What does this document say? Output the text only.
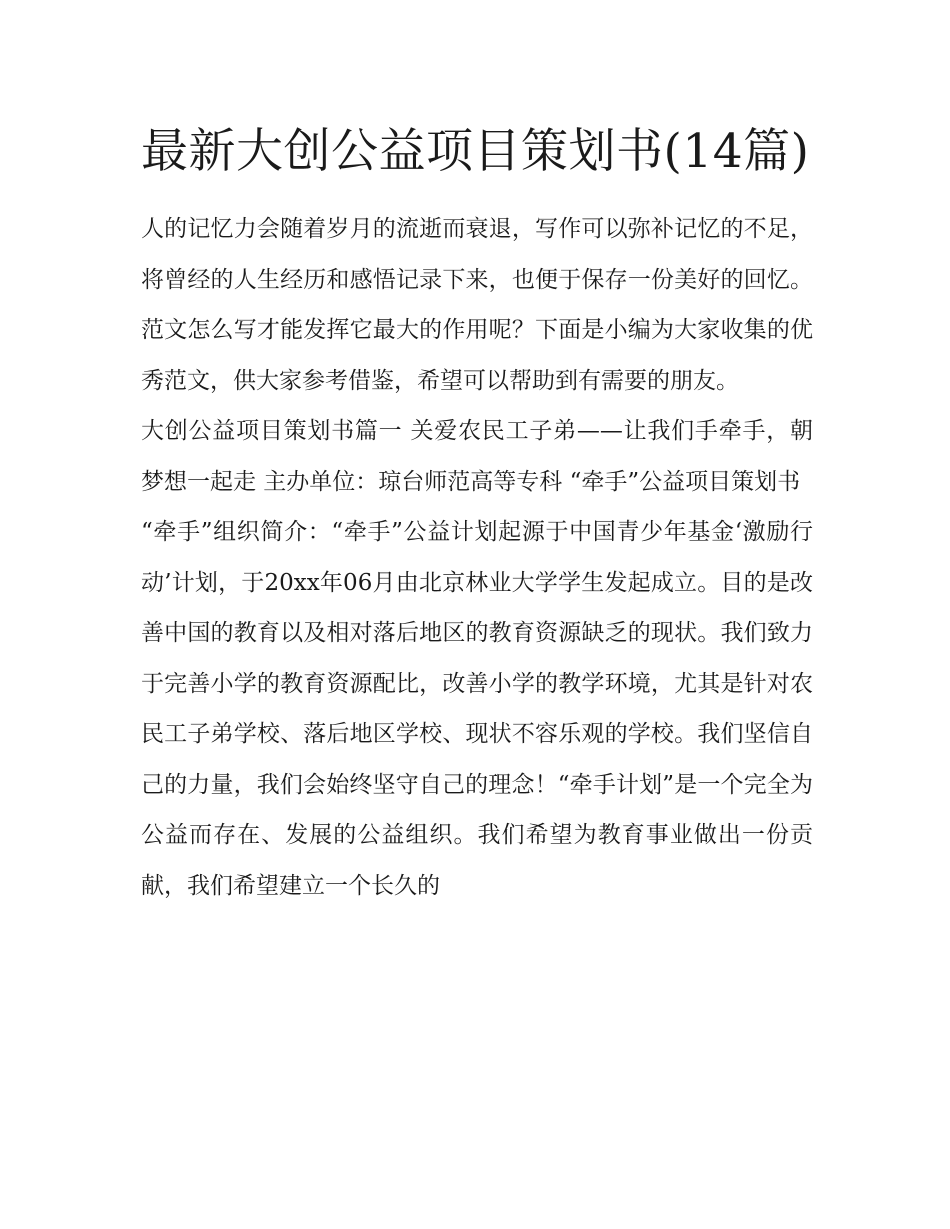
最新大创公益项目策划书(14篇)

人的记忆力会随着岁月的流逝而衰退，写作可以弥补记忆的不足，将曾经的人生经历和感悟记录下来，也便于保存一份美好的回忆。范文怎么写才能发挥它最大的作用呢？下面是小编为大家收集的优秀范文，供大家参考借鉴，希望可以帮助到有需要的朋友。

大创公益项目策划书篇一 关爱农民工子弟——让我们手牵手，朝梦想一起走 主办单位：琼台师范高等专科 “牵手”公益项目策划书

“牵手”组织简介：“牵手”公益计划起源于中国青少年基金‘激励行动’计划，于20xx年06月由北京林业大学学生发起成立。目的是改善中国的教育以及相对落后地区的教育资源缺乏的现状。我们致力于完善小学的教育资源配比，改善小学的教学环境，尤其是针对农民工子弟学校、落后地区学校、现状不容乐观的学校。我们坚信自己的力量，我们会始终坚守自己的理念！“牵手计划”是一个完全为公益而存在、发展的公益组织。我们希望为教育事业做出一份贡献，我们希望建立一个长久的
